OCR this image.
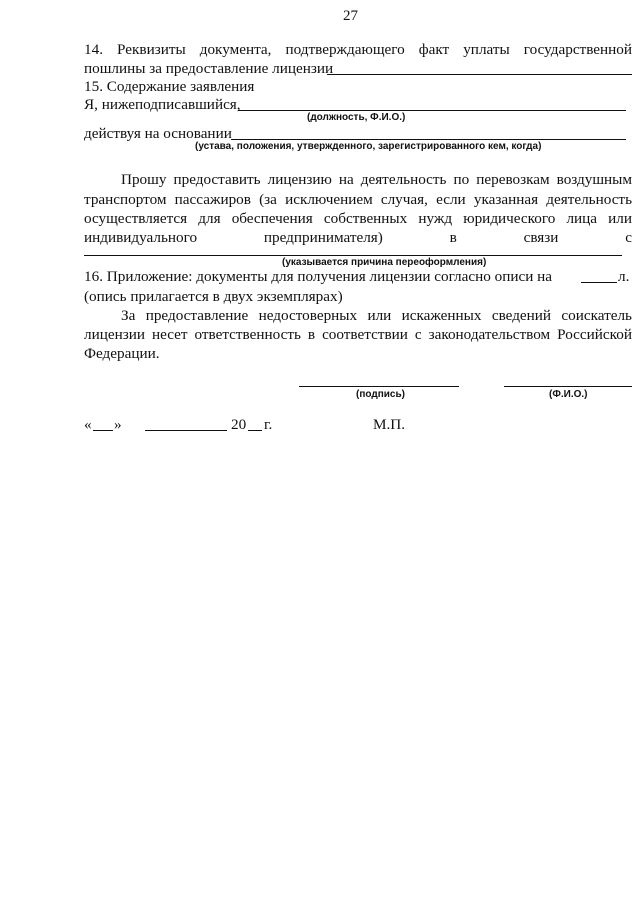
27
14. Реквизиты документа, подтверждающего факт уплаты государственной
пошлины за предоставление лицензии
15. Содержание заявления
Я, нижеподписавшийся,
(должность, Ф.И.О.)
действуя на основании
(устава, положения, утвержденного, зарегистрированного кем, когда)
Прошу предоставить лицензию на деятельность по перевозкам воздушным
транспортом пассажиров (за исключением случая, если указанная деятельность
осуществляется для обеспечения собственных нужд юридического лица или
индивидуального	предпринимателя)	в	связи	с
(указывается причина переоформления)
16. Приложение: документы для получения лицензии согласно описи на	л.
(опись прилагается в двух экземплярах)
За предоставление недостоверных или искаженных сведений соискатель
лицензии несет ответственность в соответствии с законодательством Российской
Федерации.
(подпись)	(Ф.И.О.)
« »	20 г.	М.П.
